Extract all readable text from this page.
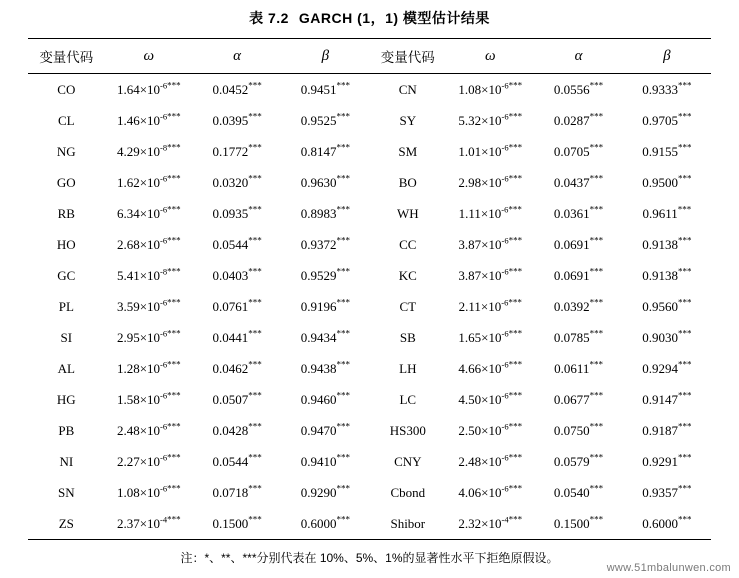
表 7.2 GARCH (1，1) 模型估计结果
变量代码	ω	α	β	变量代码	ω	α	β
CO	$1.64\times 10^{-6***}$	0.0452***	0.9451***	CN	$1.08\times 10^{-6***}$	0.0556***	0.9333***
CL	$1.46\times 10^{-6***}$	0.0395***	0.9525***	SY	$5.32\times 10^{-6***}$	0.0287***	0.9705***
NG	$4.29\times 10^{-8***}$	0.1772***	0.8147***	SM	$1.01\times 10^{-6***}$	0.0705***	0.9155***
GO	$1.62\times 10^{-6***}$	0.0320***	0.9630***	BO	$2.98\times 10^{-6***}$	0.0437***	0.9500***
RB	$6.34\times 10^{-6***}$	0.0935***	0.8983***	WH	$1.11\times 10^{-6***}$	0.0361***	0.9611***
HO	$2.68\times 10^{-6***}$	0.0544***	0.9372***	CC	$3.87\times 10^{-6***}$	0.0691***	0.9138***
GC	$5.41\times 10^{-8***}$	0.0403***	0.9529***	KC	$3.87\times 10^{-6***}$	0.0691***	0.9138***
PL	$3.59\times 10^{-6***}$	0.0761***	0.9196***	CT	$2.11\times 10^{-6***}$	0.0392***	0.9560***
SI	$2.95\times 10^{-6***}$	0.0441***	0.9434***	SB	$1.65\times 10^{-6***}$	0.0785***	0.9030***
AL	$1.28\times 10^{-6***}$	0.0462***	0.9438***	LH	$4.66\times 10^{-6***}$	0.0611***	0.9294***
HG	$1.58\times 10^{-6***}$	0.0507***	0.9460***	LC	$4.50\times 10^{-6***}$	0.0677***	0.9147***
PB	$2.48\times 10^{-6***}$	0.0428***	0.9470***	HS300	$2.50\times 10^{-6***}$	0.0750***	0.9187***
NI	$2.27\times 10^{-6***}$	0.0544***	0.9410***	CNY	$2.48\times 10^{-6***}$	0.0579***	0.9291***
SN	$1.08\times 10^{-6***}$	0.0718***	0.9290***	Cbond	$4.06\times 10^{-6***}$	0.0540***	0.9357***
ZS	$2.37\times 10^{-4***}$	0.1500***	0.6000***	Shibor	$2.32\times 10^{-4***}$	0.1500***	0.6000***
注：*、**、***分别代表在 10%、5%、1%的显著性水平下拒绝原假设。
www.51mbalunwen.com
